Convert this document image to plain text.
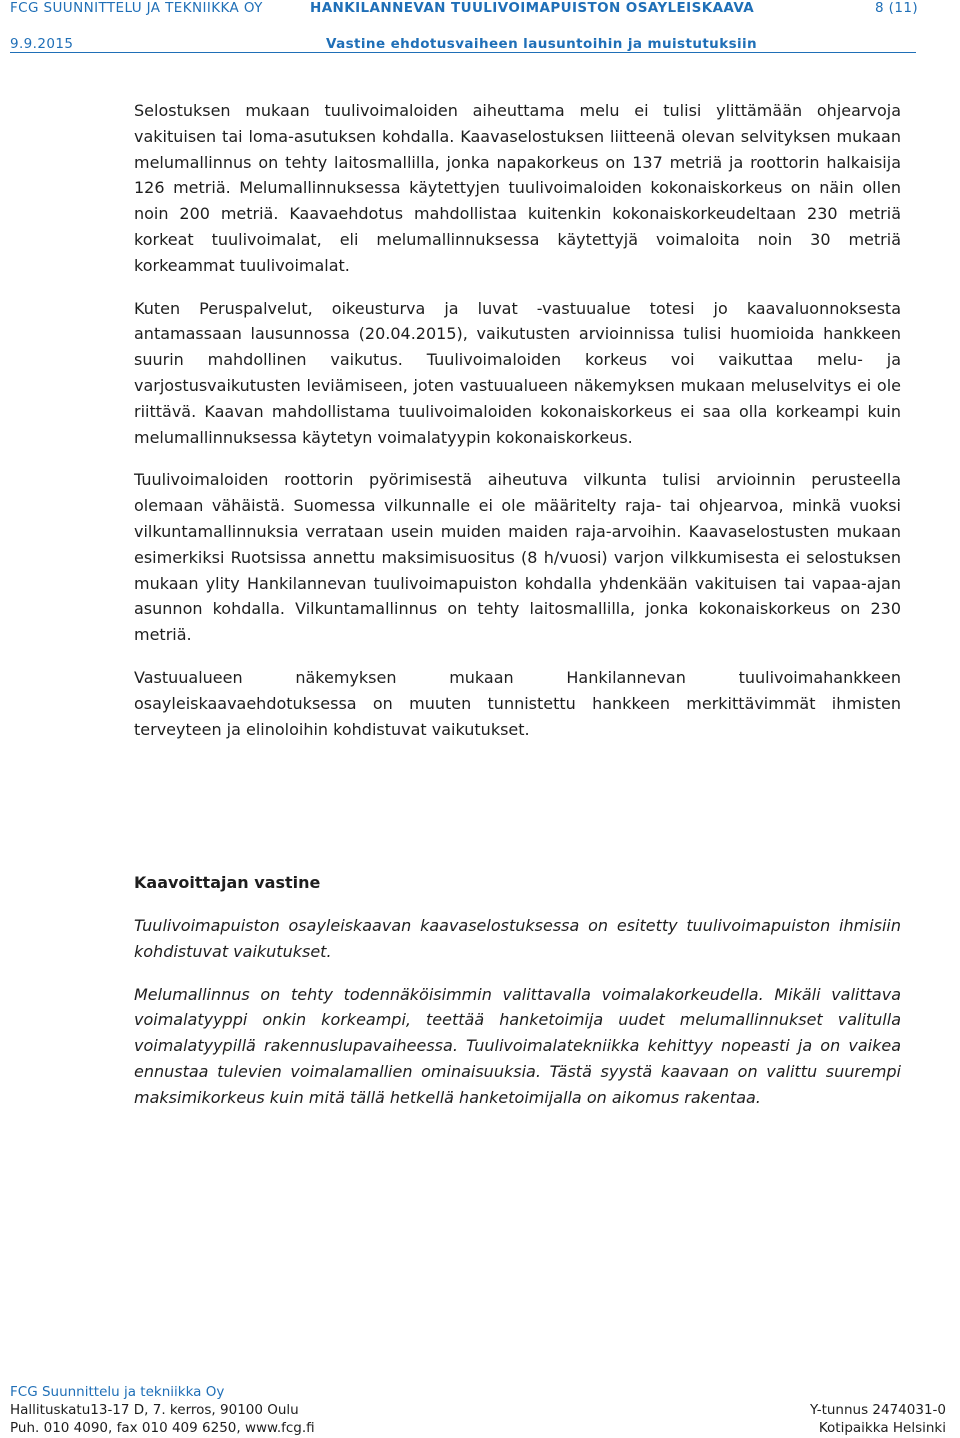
FCG SUUNNITTELU JA TEKNIIKKA OY	HANKILANNEVAN TUULIVOIMAPUISTON OSAYLEISKAAVA	8 (11)
9.9.2015	Vastine ehdotusvaiheen lausuntoihin ja muistutuksiin

Selostuksen mukaan tuulivoimaloiden aiheuttama melu ei tulisi ylittämään ohjearvoja vakituisen tai loma-asutuksen kohdalla. Kaavaselostuksen liitteenä olevan selvityksen mukaan melumallinnus on tehty laitosmallilla, jonka napakorkeus on 137 metriä ja roottorin halkaisija 126 metriä. Melumallinnuksessa käytettyjen tuulivoimaloiden kokonaiskorkeus on näin ollen noin 200 metriä. Kaavaehdotus mahdollistaa kuitenkin kokonaiskorkeudeltaan 230 metriä korkeat tuulivoimalat, eli melumallinnuksessa käytettyjä voimaloita noin 30 metriä korkeammat tuulivoimalat.

Kuten Peruspalvelut, oikeusturva ja luvat -vastuualue totesi jo kaavaluonnoksesta antamassaan lausunnossa (20.04.2015), vaikutusten arvioinnissa tulisi huomioida hankkeen suurin mahdollinen vaikutus. Tuulivoimaloiden korkeus voi vaikuttaa melu- ja varjostusvaikutusten leviämiseen, joten vastuualueen näkemyksen mukaan meluselvitys ei ole riittävä. Kaavan mahdollistama tuulivoimaloiden kokonaiskorkeus ei saa olla korkeampi kuin melumallinnuksessa käytetyn voimalatyypin kokonaiskorkeus.

Tuulivoimaloiden roottorin pyörimisestä aiheutuva vilkunta tulisi arvioinnin perusteella olemaan vähäistä. Suomessa vilkunnalle ei ole määritelty raja- tai ohjearvoa, minkä vuoksi vilkuntamallinnuksia verrataan usein muiden maiden raja-arvoihin. Kaavaselostusten mukaan esimerkiksi Ruotsissa annettu maksimisuositus (8 h/vuosi) varjon vilkkumisesta ei selostuksen mukaan ylity Hankilannevan tuulivoimapuiston kohdalla yhdenkään vakituisen tai vapaa-ajan asunnon kohdalla. Vilkuntamallinnus on tehty laitosmallilla, jonka kokonaiskorkeus on 230 metriä.

Vastuualueen näkemyksen mukaan Hankilannevan tuulivoimahankkeen osayleiskaavaehdotuksessa on muuten tunnistettu hankkeen merkittävimmät ihmisten terveyteen ja elinoloihin kohdistuvat vaikutukset.

Kaavoittajan vastine

Tuulivoimapuiston osayleiskaavan kaavaselostuksessa on esitetty tuulivoimapuiston ihmisiin kohdistuvat vaikutukset.

Melumallinnus on tehty todennäköisimmin valittavalla voimalakorkeudella. Mikäli valittava voimalatyyppi onkin korkeampi, teettää hanketoimija uudet melumallinnukset valitulla voimalatyypillä rakennuslupavaiheessa. Tuulivoimalatekniikka kehittyy nopeasti ja on vaikea ennustaa tulevien voimalamallien ominaisuuksia. Tästä syystä kaavaan on valittu suurempi maksimikorkeus kuin mitä tällä hetkellä hanketoimijalla on aikomus rakentaa.

FCG Suunnittelu ja tekniikka Oy
Hallituskatu13-17 D, 7. kerros, 90100 Oulu	Y-tunnus 2474031-0
Puh. 010 4090, fax 010 409 6250, www.fcg.fi	Kotipaikka Helsinki
